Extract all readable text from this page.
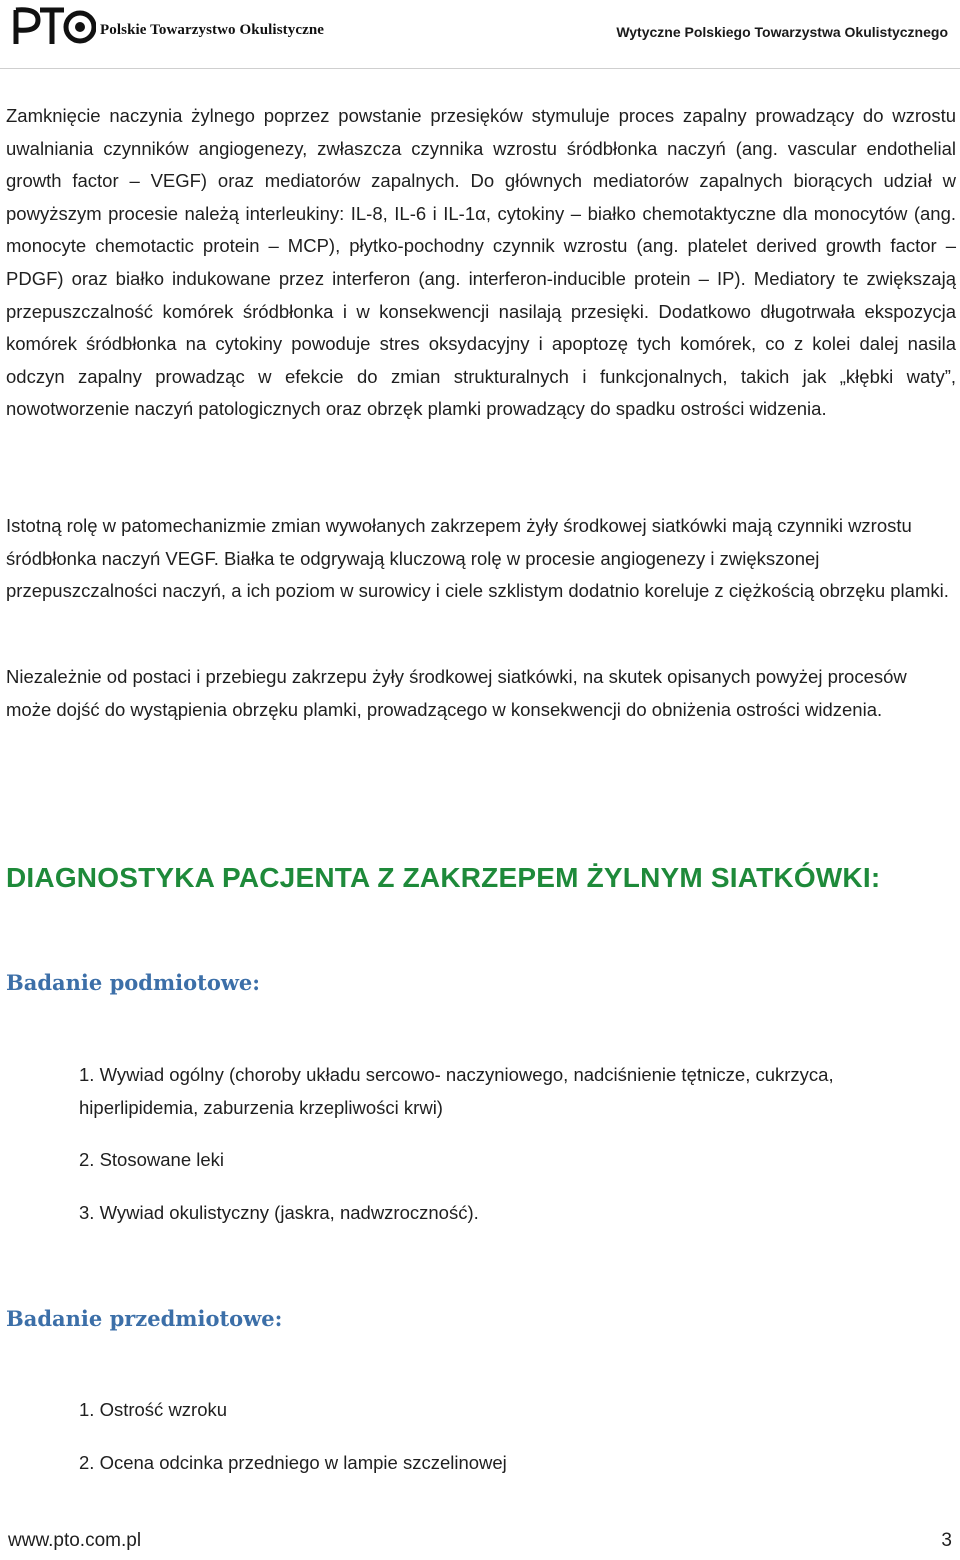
Polskie Towarzystwo Okulistyczne	Wytyczne Polskiego Towarzystwa Okulistycznego

Zamknięcie naczynia żylnego poprzez powstanie przesięków stymuluje proces zapalny prowadzący do wzrostu uwalniania czynników angiogenezy, zwłaszcza czynnika wzrostu śródbłonka naczyń (ang. vascular endothelial growth factor – VEGF) oraz mediatorów zapalnych. Do głównych mediatorów zapalnych biorących udział w powyższym procesie należą interleukiny: IL-8, IL-6 i IL-1α, cytokiny – białko chemotaktyczne dla monocytów (ang. monocyte chemotactic protein – MCP), płytko-pochodny czynnik wzrostu (ang. platelet derived growth factor – PDGF) oraz białko indukowane przez interferon (ang. interferon-inducible protein – IP). Mediatory te zwiększają przepuszczalność komórek śródbłonka i w konsekwencji nasilają przesięki. Dodatkowo długotrwała ekspozycja komórek śródbłonka na cytokiny powoduje stres oksydacyjny i apoptozę tych komórek, co z kolei dalej nasila odczyn zapalny prowadząc w efekcie do zmian strukturalnych i funkcjonalnych, takich jak „kłębki waty”, nowotworzenie naczyń patologicznych oraz obrzęk plamki prowadzący do spadku ostrości widzenia.

Istotną rolę w patomechanizmie zmian wywołanych zakrzepem żyły środkowej siatkówki mają czynniki wzrostu śródbłonka naczyń VEGF. Białka te odgrywają kluczową rolę w procesie angiogenezy i zwiększonej przepuszczalności naczyń, a ich poziom w surowicy i ciele szklistym dodatnio koreluje z ciężkością obrzęku plamki.

Niezależnie od postaci i przebiegu zakrzepu żyły środkowej siatkówki, na skutek opisanych powyżej procesów może dojść do wystąpienia obrzęku plamki, prowadzącego w konsekwencji do obniżenia ostrości widzenia.

DIAGNOSTYKA PACJENTA Z ZAKRZEPEM ŻYLNYM SIATKÓWKI:
Badanie podmiotowe:

1. Wywiad ogólny (choroby układu sercowo- naczyniowego, nadciśnienie tętnicze, cukrzyca, hiperlipidemia, zaburzenia krzepliwości krwi)

2. Stosowane leki

3. Wywiad okulistyczny (jaskra, nadwzroczność).

Badanie przedmiotowe:

1. Ostrość wzroku

2. Ocena odcinka przedniego w lampie szczelinowej

www.pto.com.pl	3
